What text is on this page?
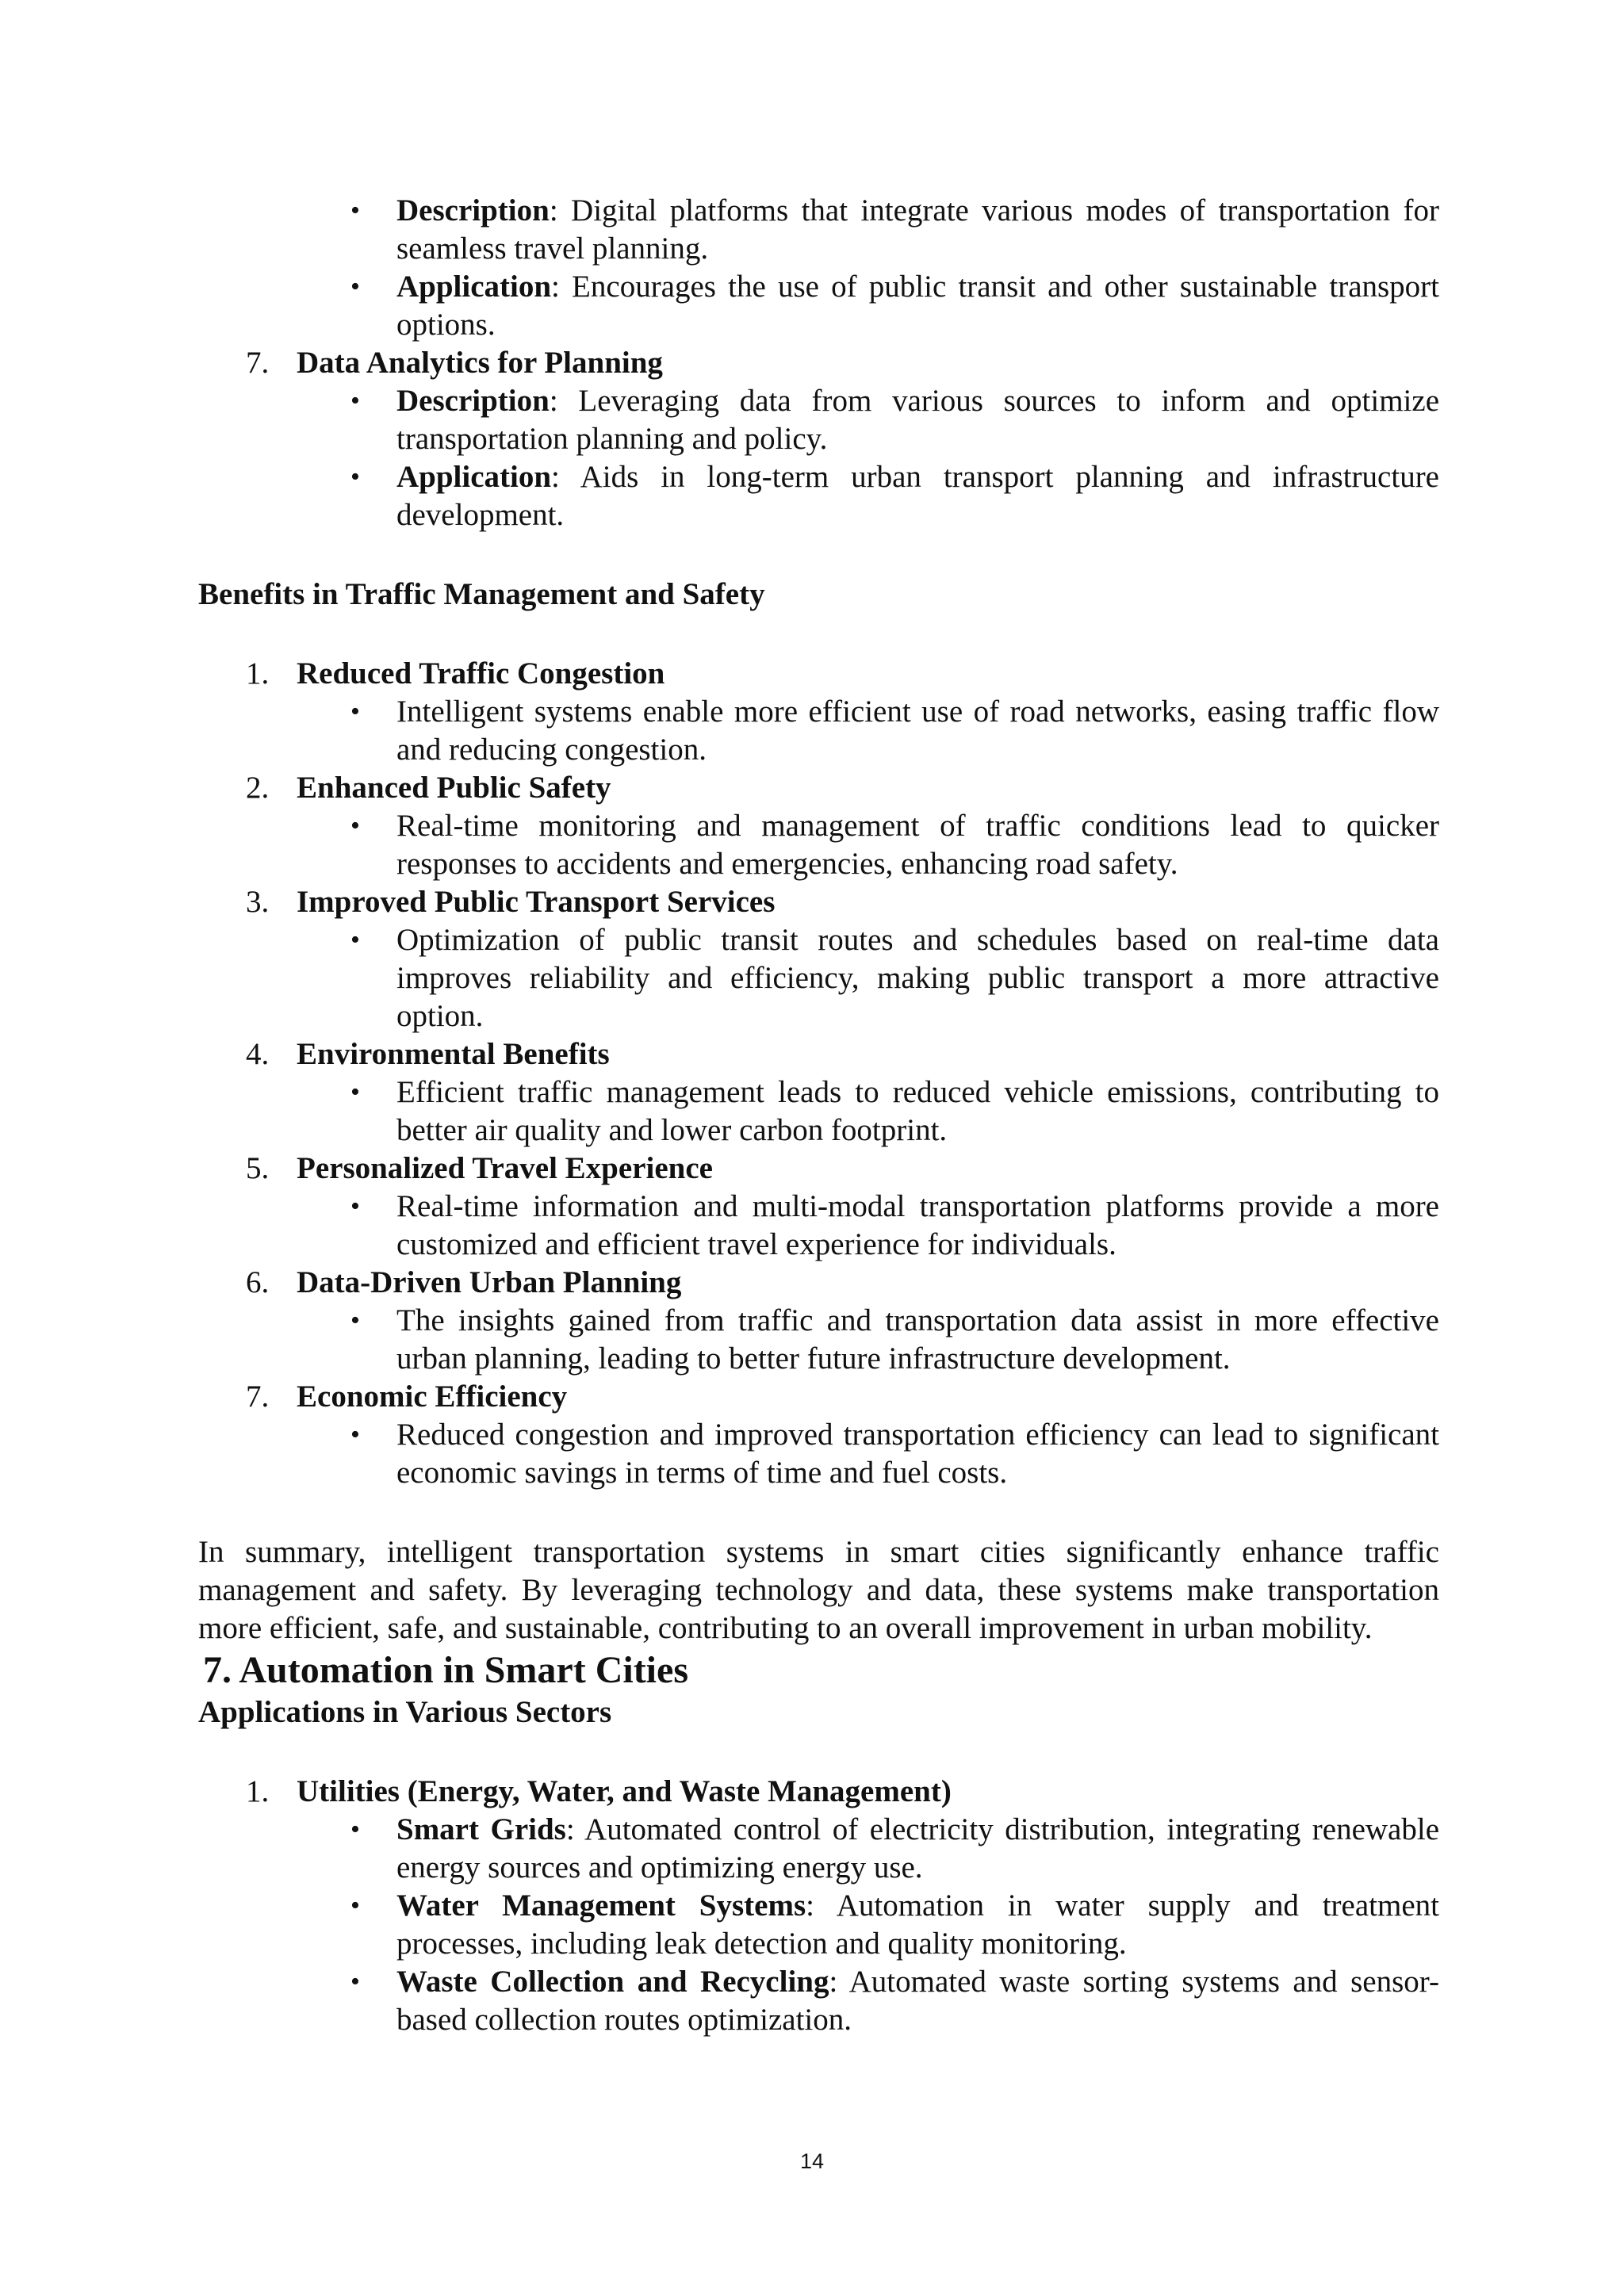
• Description: Digital platforms that integrate various modes of transportation for seamless travel planning.
• Application: Encourages the use of public transit and other sustainable transport options.
7. Data Analytics for Planning
• Description: Leveraging data from various sources to inform and optimize transportation planning and policy.
• Application: Aids in long-term urban transport planning and infrastructure development.

Benefits in Traffic Management and Safety

1. Reduced Traffic Congestion
• Intelligent systems enable more efficient use of road networks, easing traffic flow and reducing congestion.
2. Enhanced Public Safety
• Real-time monitoring and management of traffic conditions lead to quicker responses to accidents and emergencies, enhancing road safety.
3. Improved Public Transport Services
• Optimization of public transit routes and schedules based on real-time data improves reliability and efficiency, making public transport a more attractive option.
4. Environmental Benefits
• Efficient traffic management leads to reduced vehicle emissions, contributing to better air quality and lower carbon footprint.
5. Personalized Travel Experience
• Real-time information and multi-modal transportation platforms provide a more customized and efficient travel experience for individuals.
6. Data-Driven Urban Planning
• The insights gained from traffic and transportation data assist in more effective urban planning, leading to better future infrastructure development.
7. Economic Efficiency
• Reduced congestion and improved transportation efficiency can lead to significant economic savings in terms of time and fuel costs.

In summary, intelligent transportation systems in smart cities significantly enhance traffic management and safety. By leveraging technology and data, these systems make transportation more efficient, safe, and sustainable, contributing to an overall improvement in urban mobility.

7. Automation in Smart Cities

Applications in Various Sectors

1. Utilities (Energy, Water, and Waste Management)
• Smart Grids: Automated control of electricity distribution, integrating renewable energy sources and optimizing energy use.
• Water Management Systems: Automation in water supply and treatment processes, including leak detection and quality monitoring.
• Waste Collection and Recycling: Automated waste sorting systems and sensor-based collection routes optimization.
14
